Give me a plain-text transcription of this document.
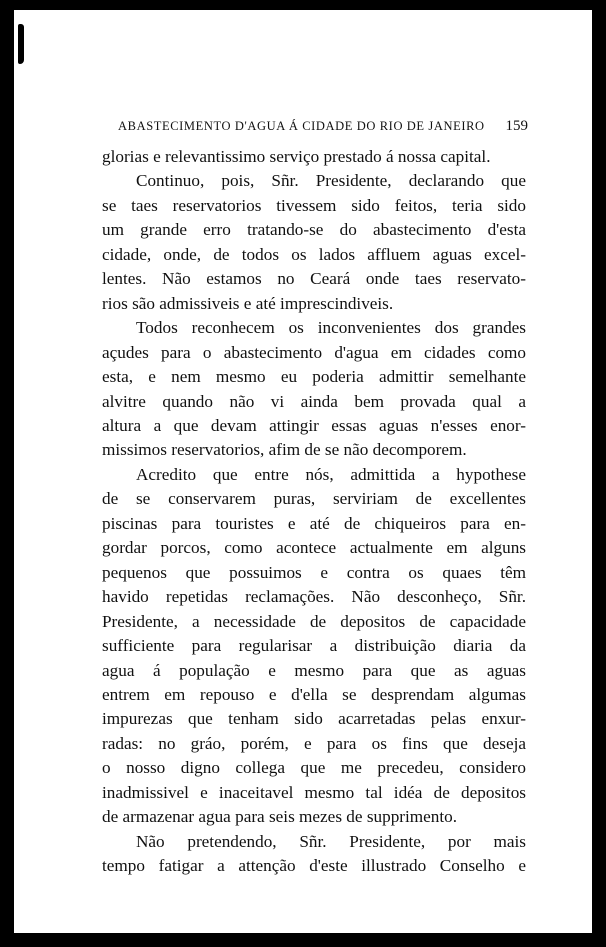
ABASTECIMENTO D'AGUA Á CIDADE DO RIO DE JANEIRO 159
glorias e relevantissimo serviço prestado á nossa capital.
Continuo, pois, Sñr. Presidente, declarando que
se taes reservatorios tivessem sido feitos, teria sido
um grande erro tratando-se do abastecimento d'esta
cidade, onde, de todos os lados affluem aguas excel-
lentes. Não estamos no Ceará onde taes reservato-
rios são admissiveis e até imprescindiveis.
Todos reconhecem os inconvenientes dos grandes
açudes para o abastecimento d'agua em cidades como
esta, e nem mesmo eu poderia admittir semelhante
alvitre quando não vi ainda bem provada qual a
altura a que devam attingir essas aguas n'esses enor-
missimos reservatorios, afim de se não decomporem.
Acredito que entre nós, admittida a hypothese
de se conservarem puras, serviriam de excellentes
piscinas para touristes e até de chiqueiros para en-
gordar porcos, como acontece actualmente em alguns
pequenos que possuimos e contra os quaes têm
havido repetidas reclamações. Não desconheço, Sñr.
Presidente, a necessidade de depositos de capacidade
sufficiente para regularisar a distribuição diaria da
agua á população e mesmo para que as aguas
entrem em repouso e d'ella se desprendam algumas
impurezas que tenham sido acarretadas pelas enxur-
radas: no gráo, porém, e para os fins que deseja
o nosso digno collega que me precedeu, considero
inadmissivel e inaceitavel mesmo tal idéa de depositos
de armazenar agua para seis mezes de supprimento.
Não pretendendo, Sñr. Presidente, por mais
tempo fatigar a attenção d'este illustrado Conselho e
